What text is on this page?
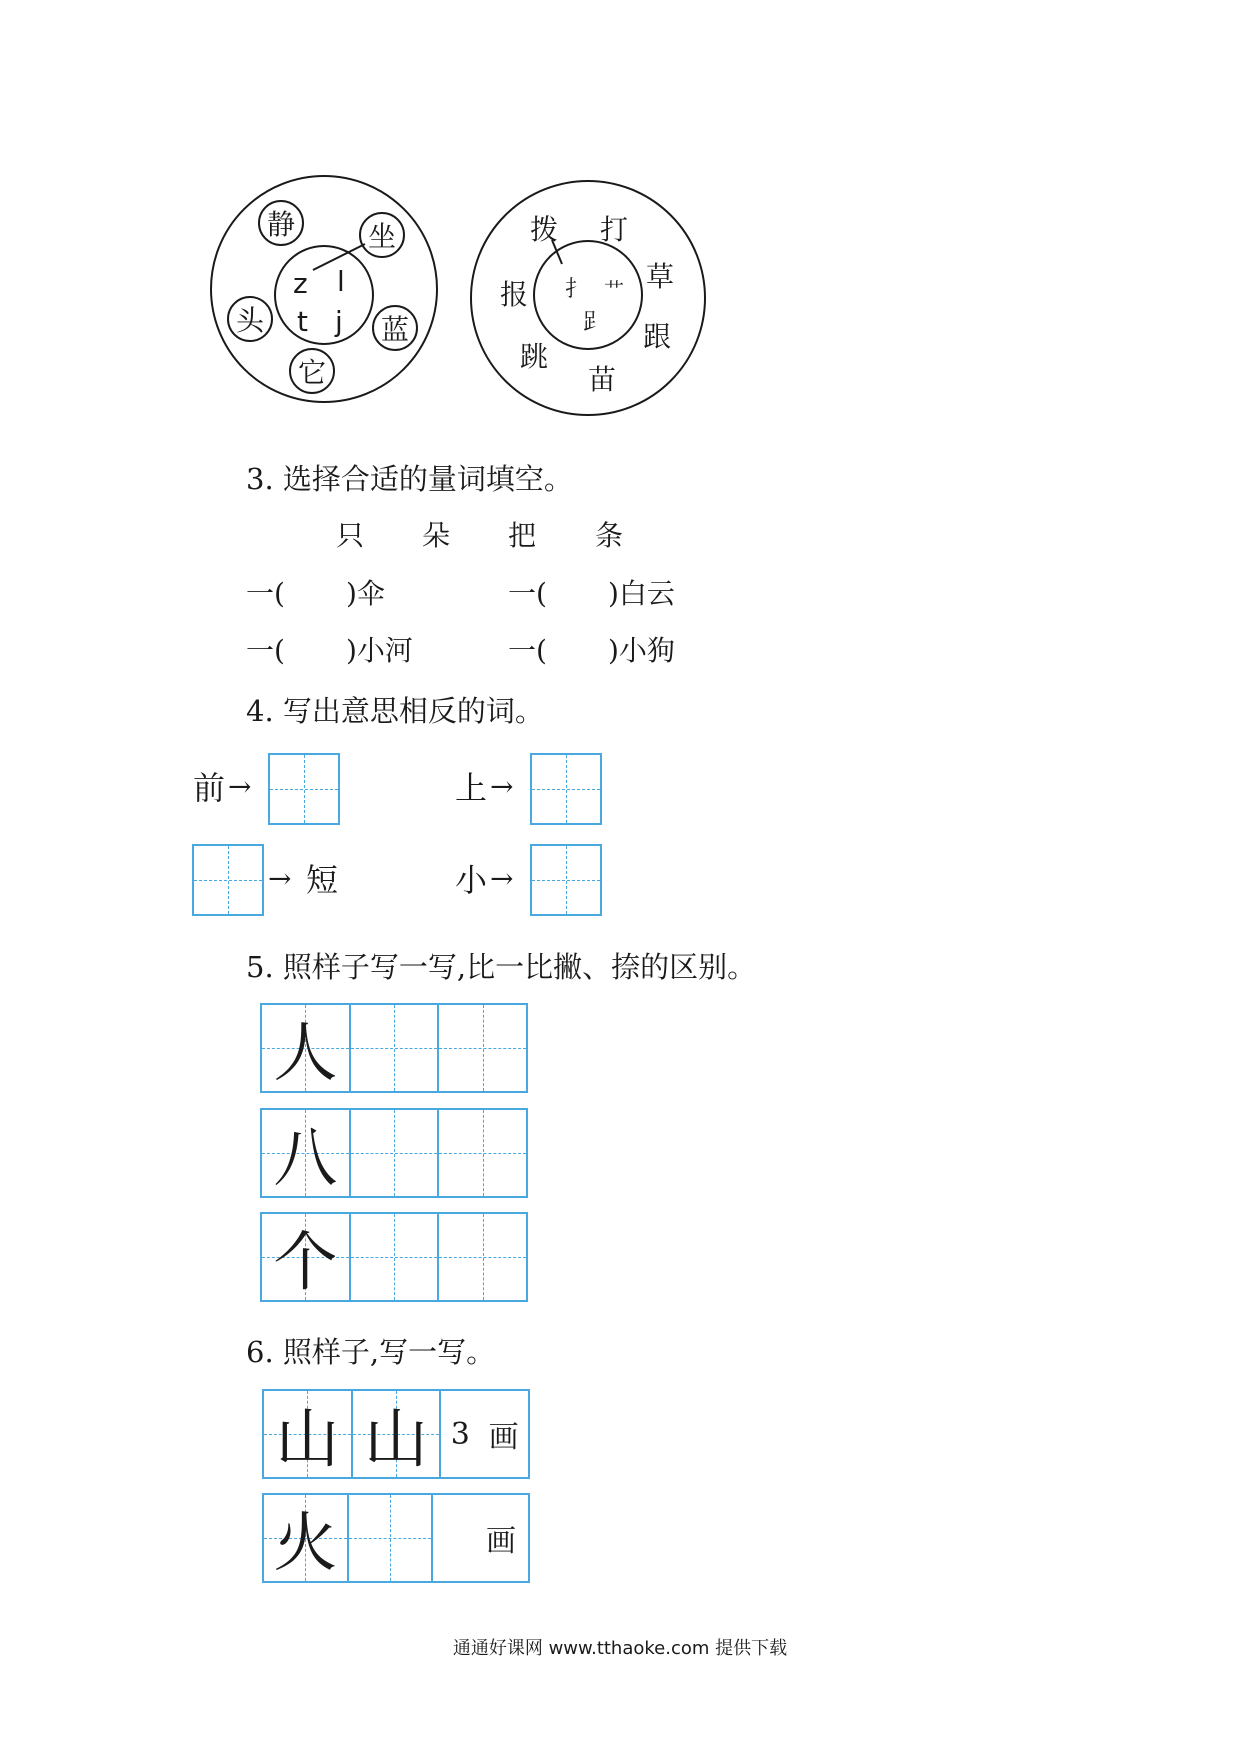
静	坐
头	蓝
它
z l
t j
拨 打
报
草
跳
跟
苗
扌 艹
𧾷
3. 选择合适的量词填空。
只 朵 把 条
一( )伞	一( )白云
一( )小河	一( )小狗
4. 写出意思相反的词。
前 →	上 →
→ 短	小 →
5. 照样子写一写,比一比撇、捺的区别。
人
八
个
6. 照样子,写一写。
山 山 3 画
火	画
通通好课网 www.tthaoke.com 提供下载
